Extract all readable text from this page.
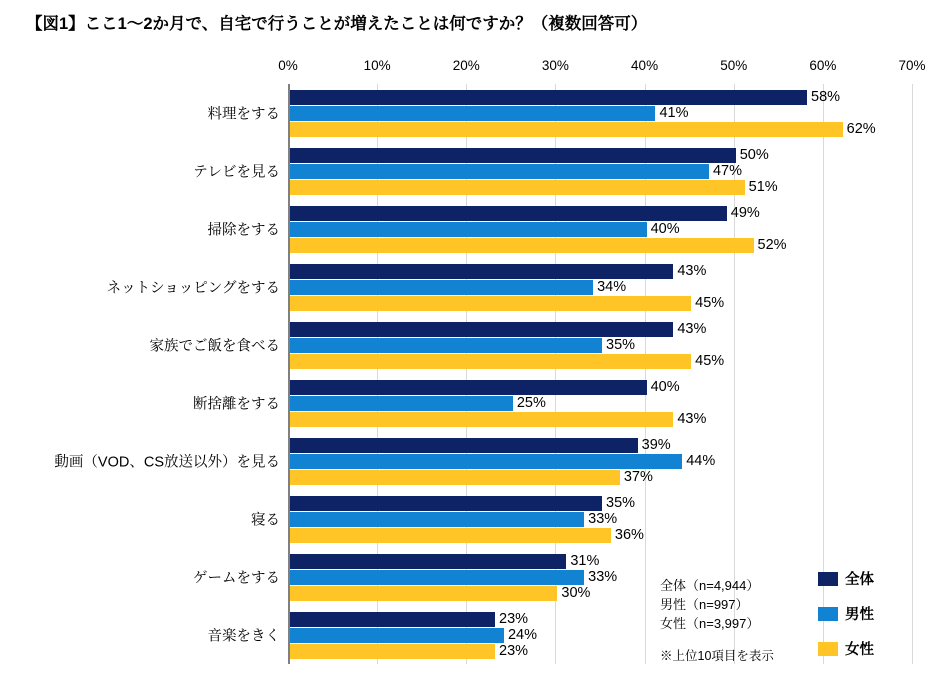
【図1】ここ1～2か月で、自宅で行うことが増えたことは何ですか？（複数回答可）
0%	10%	20%	30%	40%	50%	60%	70%
料理をする
58%
41%
62%
テレビを見る
50%
47%
51%
掃除をする
49%
40%
52%
ネットショッピングをする
43%
34%
45%
家族でご飯を食べる
43%
35%
45%
断捨離をする
40%
25%
43%
動画（VOD、CS放送以外）を見る
39%
44%
37%
寝る
35%
33%
36%
ゲームをする
31%
33%
30%
音楽をきく
23%
24%
23%
全体（n=4,944）
男性（n=997）
女性（n=3,997）
※上位10項目を表示
全体
男性
女性
